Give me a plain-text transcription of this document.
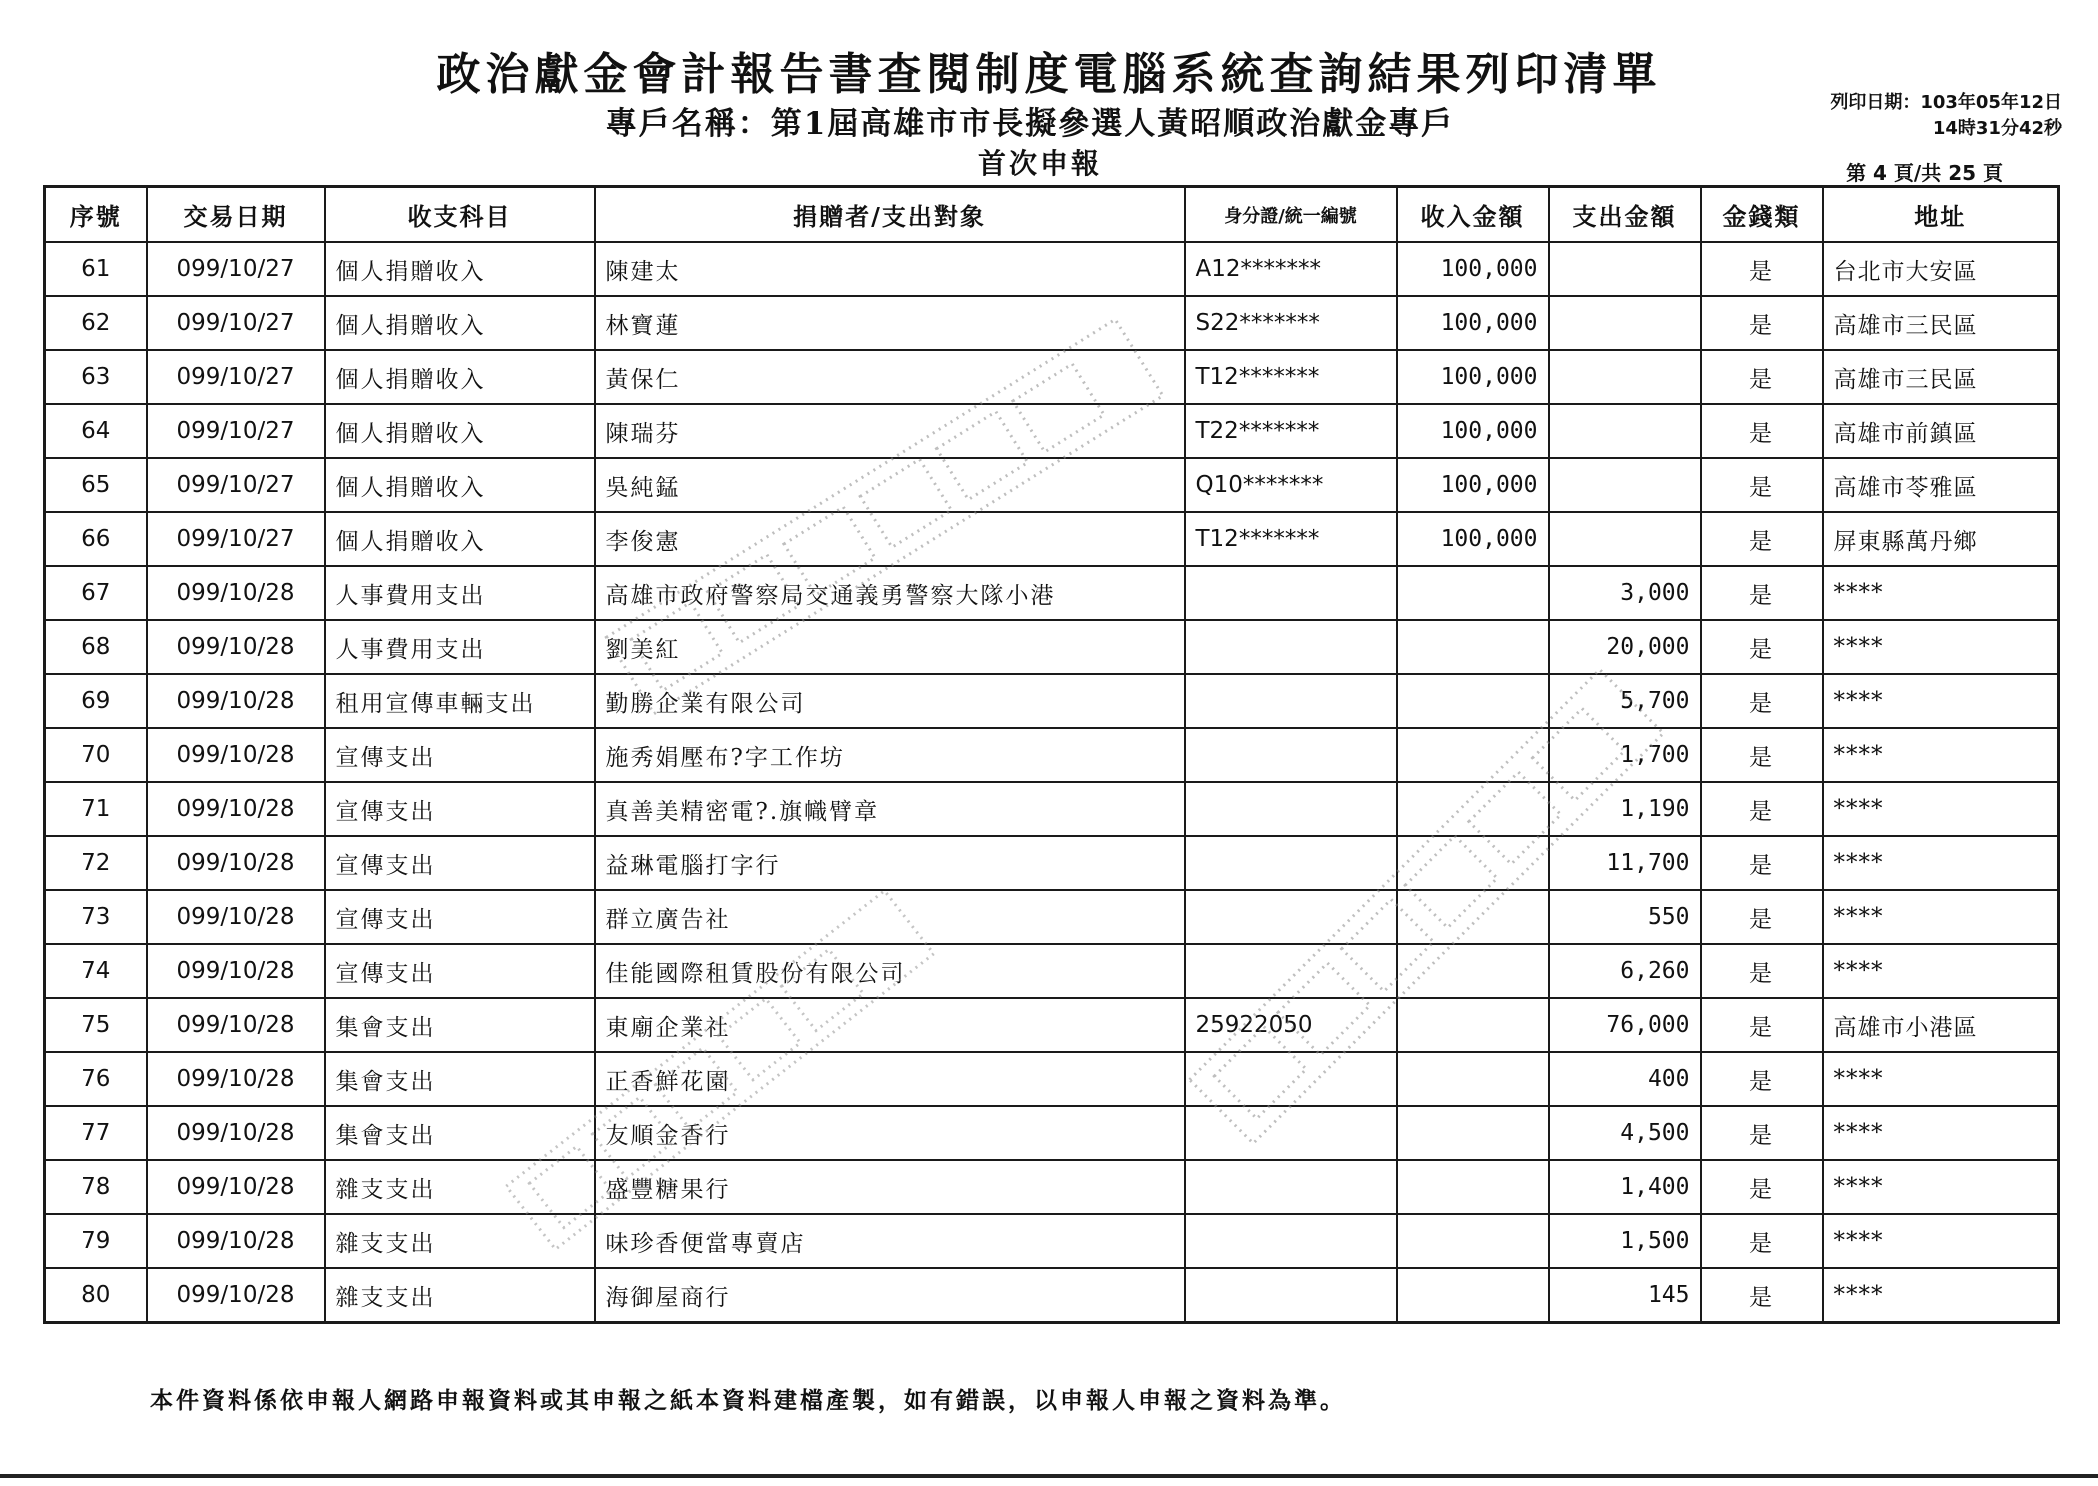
政治獻金會計報告書查閱制度電腦系統查詢結果列印清單
專戶名稱：第1屆高雄市市長擬參選人黃昭順政治獻金專戶
首次申報
列印日期：103年05年12日
14時31分42秒
第 4 頁/共 25 頁
序號	交易日期	收支科目	捐贈者/支出對象	身分證/統一編號	收入金額	支出金額	金錢類	地址
61	099/10/27	個人捐贈收入	陳建太	A12*******	100,000		是	台北市大安區
62	099/10/27	個人捐贈收入	林寶蓮	S22*******	100,000		是	高雄市三民區
63	099/10/27	個人捐贈收入	黃保仁	T12*******	100,000		是	高雄市三民區
64	099/10/27	個人捐贈收入	陳瑞芬	T22*******	100,000		是	高雄市前鎮區
65	099/10/27	個人捐贈收入	吳純錳	Q10*******	100,000		是	高雄市苓雅區
66	099/10/27	個人捐贈收入	李俊憲	T12*******	100,000		是	屏東縣萬丹鄉
67	099/10/28	人事費用支出	高雄市政府警察局交通義勇警察大隊小港			3,000	是	****
68	099/10/28	人事費用支出	劉美紅			20,000	是	****
69	099/10/28	租用宣傳車輛支出	勤勝企業有限公司			5,700	是	****
70	099/10/28	宣傳支出	施秀娟壓布?字工作坊			1,700	是	****
71	099/10/28	宣傳支出	真善美精密電?.旗幟臂章			1,190	是	****
72	099/10/28	宣傳支出	益琳電腦打字行			11,700	是	****
73	099/10/28	宣傳支出	群立廣告社			550	是	****
74	099/10/28	宣傳支出	佳能國際租賃股份有限公司			6,260	是	****
75	099/10/28	集會支出	東廟企業社	25922050		76,000	是	高雄市小港區
76	099/10/28	集會支出	正香鮮花園			400	是	****
77	099/10/28	集會支出	友順金香行			4,500	是	****
78	099/10/28	雜支支出	盛豐糖果行			1,400	是	****
79	099/10/28	雜支支出	味珍香便當專賣店			1,500	是	****
80	099/10/28	雜支支出	海御屋商行			145	是	****
本件資料係依申報人網路申報資料或其申報之紙本資料建檔產製，如有錯誤，以申報人申報之資料為準。
